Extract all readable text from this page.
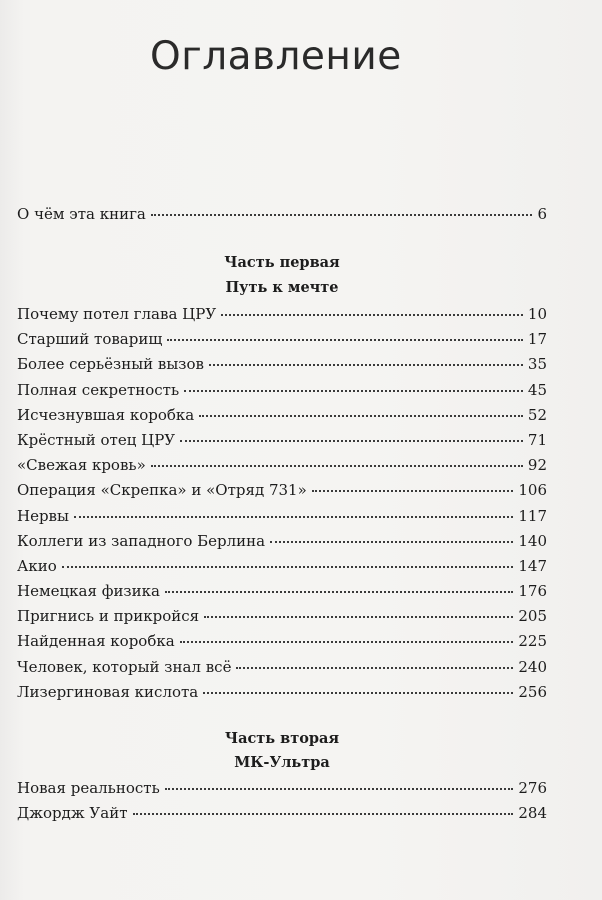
Оглавление
О чём эта книга	6
Часть первая
Путь к мечте
Почему потел глава ЦРУ	10
Старший товарищ	17
Более серьёзный вызов	35
Полная секретность	45
Исчезнувшая коробка	52
Крёстный отец ЦРУ	71
«Свежая кровь»	92
Операция «Скрепка» и «Отряд 731»	106
Нервы	117
Коллеги из западного Берлина	140
Акио	147
Немецкая физика	176
Пригнись и прикройся	205
Найденная коробка	225
Человек, который знал всё	240
Лизергиновая кислота	256
Часть вторая
МК-Ультра
Новая реальность	276
Джордж Уайт	284
